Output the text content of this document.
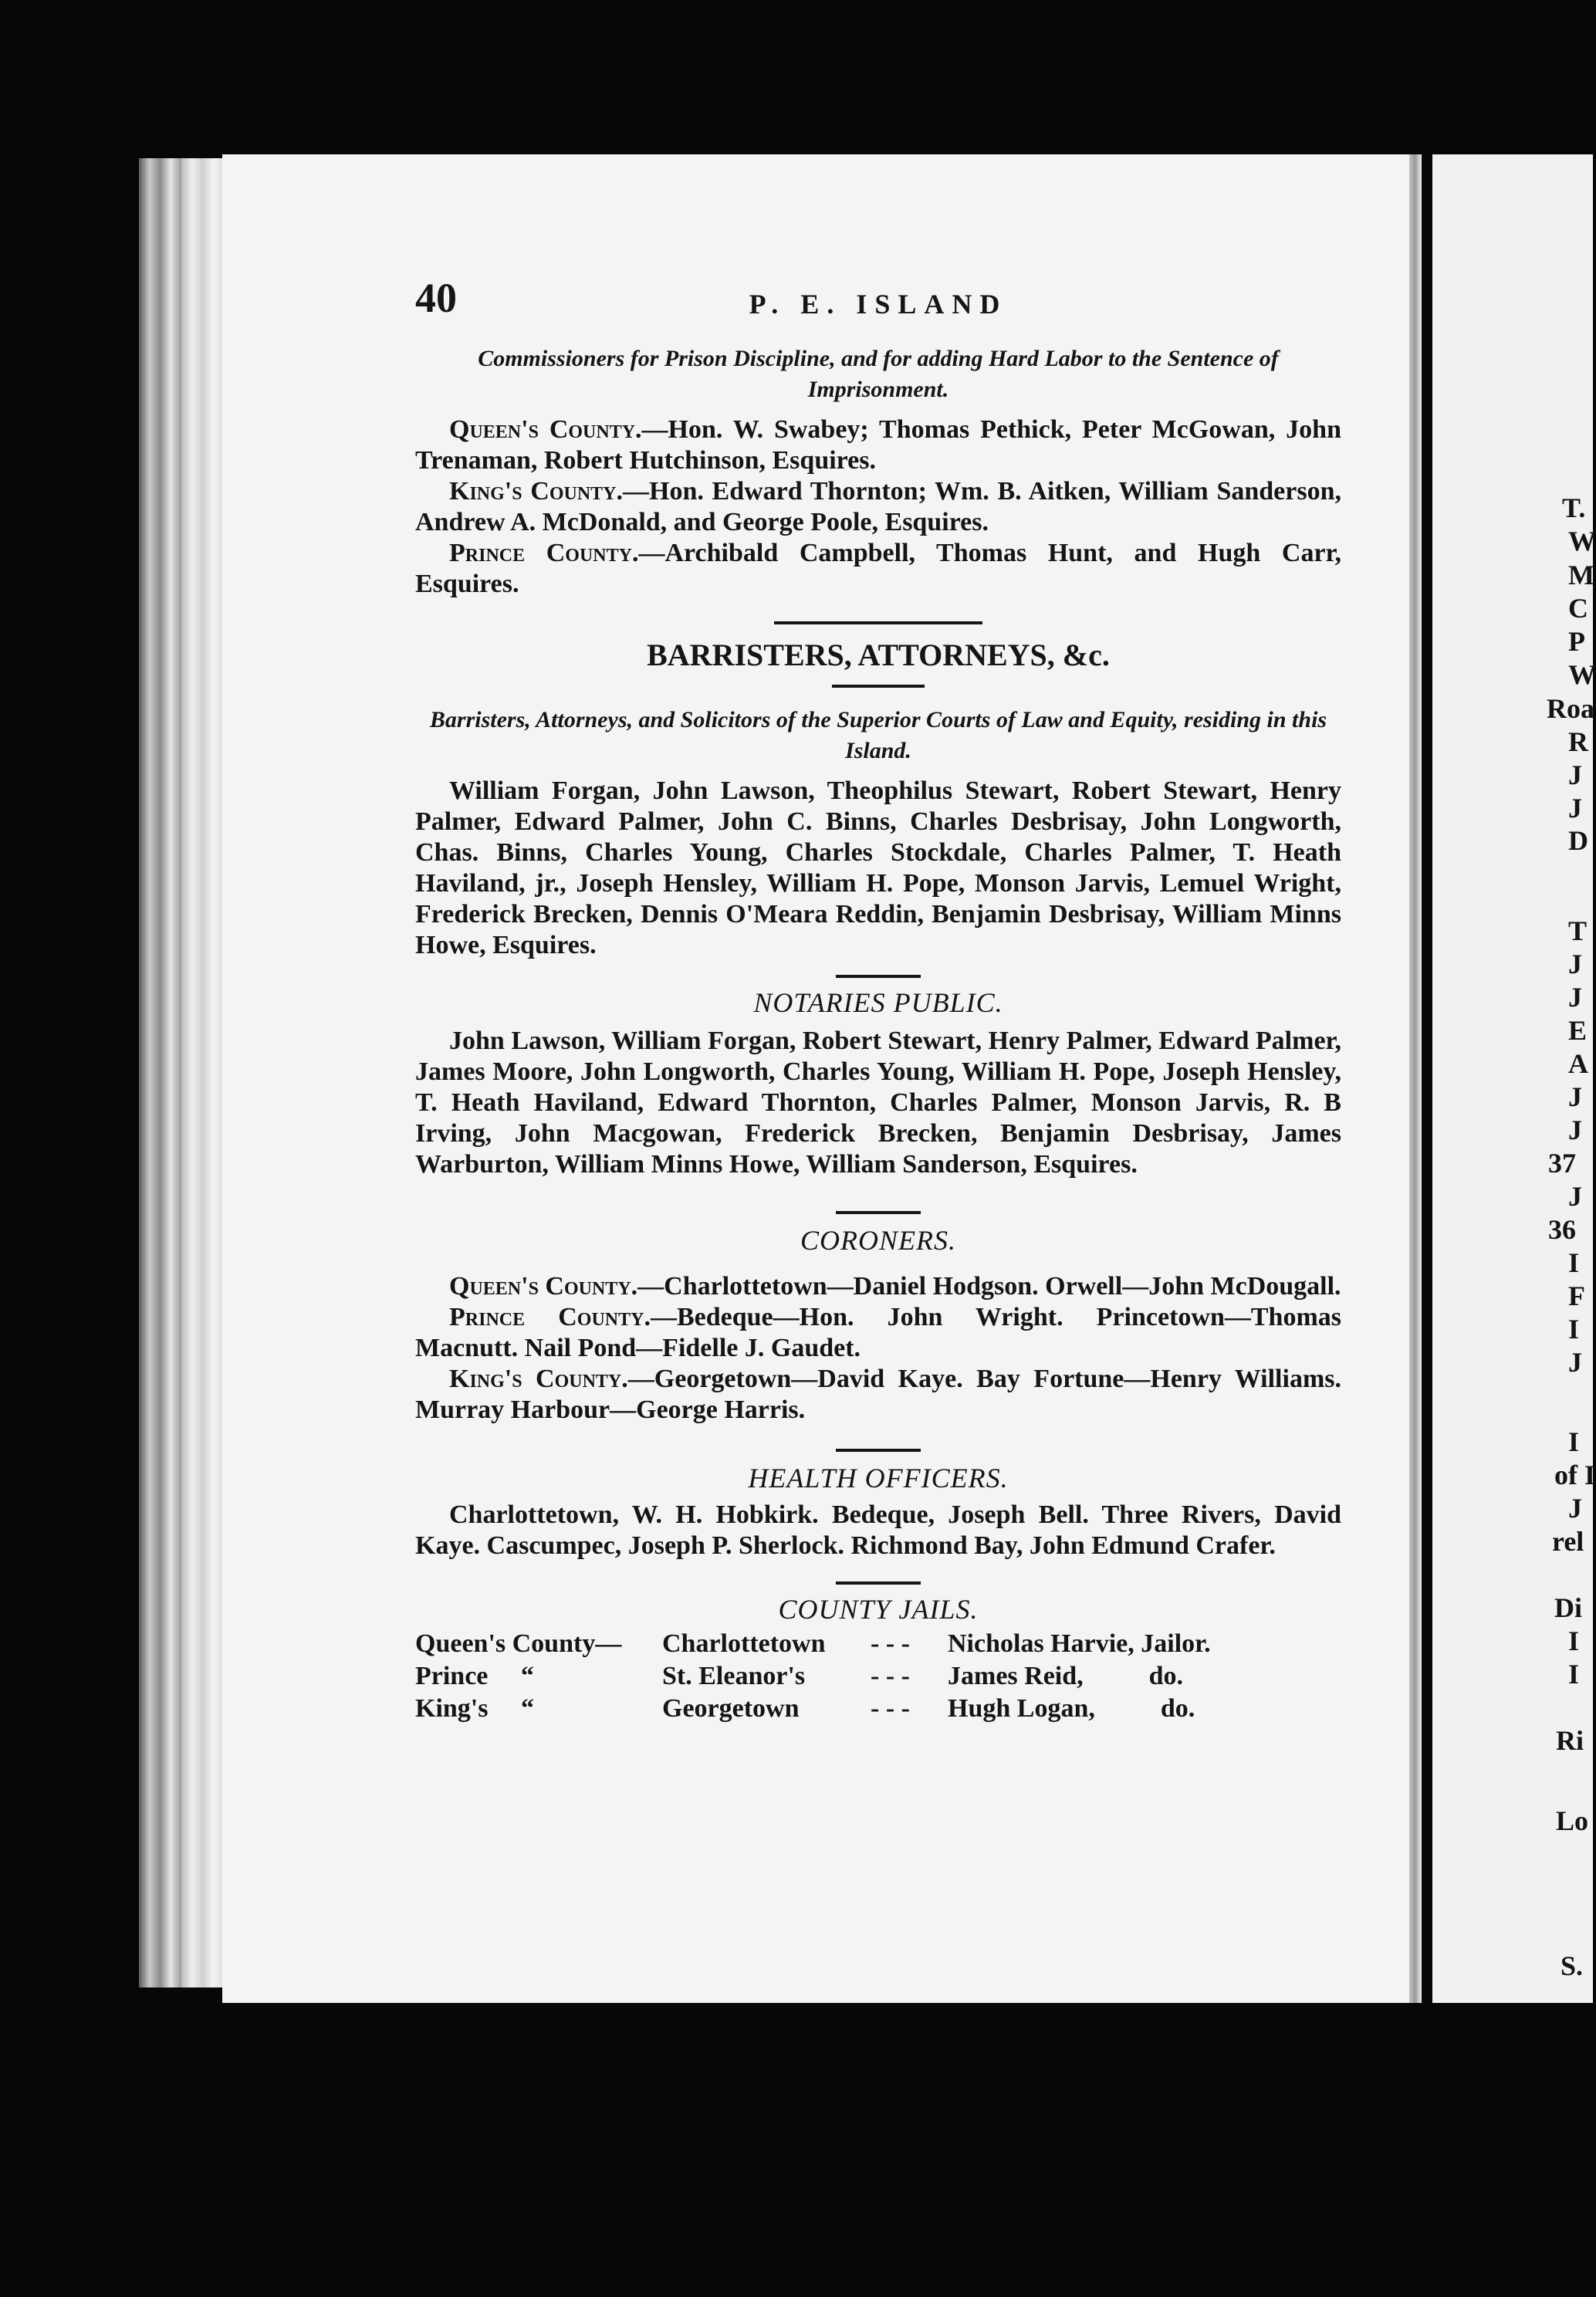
T.
W
M
C
P
W
Roa
R
J
J
D
T
J
J
E
A
J
J
37
J
36
I
F
I
J
I
of I
J
rel
Di
I
I
Ri
Lo
S.
40	P. E. ISLAND
Commissioners for Prison Discipline, and for adding Hard Labor to the Sentence of Imprisonment.

Queen's County.—Hon. W. Swabey; Thomas Pethick, Peter McGowan, John Trenaman, Robert Hutchinson, Esquires.

King's County.—Hon. Edward Thornton; Wm. B. Aitken, William Sanderson, Andrew A. McDonald, and George Poole, Esquires.

Prince County.—Archibald Campbell, Thomas Hunt, and Hugh Carr, Esquires.

BARRISTERS, ATTORNEYS, &c.
Barristers, Attorneys, and Solicitors of the Superior Courts of Law and Equity, residing in this Island.

William Forgan, John Lawson, Theophilus Stewart, Robert Stewart, Henry Palmer, Edward Palmer, John C. Binns, Charles Desbrisay, John Longworth, Chas. Binns, Charles Young, Charles Stockdale, Charles Palmer, T. Heath Haviland, jr., Joseph Hensley, William H. Pope, Monson Jarvis, Lemuel Wright, Frederick Brecken, Dennis O'Meara Reddin, Benjamin Desbrisay, William Minns Howe, Esquires.

NOTARIES PUBLIC.

John Lawson, William Forgan, Robert Stewart, Henry Palmer, Edward Palmer, James Moore, John Longworth, Charles Young, William H. Pope, Joseph Hensley, T. Heath Haviland, Edward Thornton, Charles Palmer, Monson Jarvis, R. B Irving, John Macgowan, Frederick Brecken, Benjamin Desbrisay, James Warburton, William Minns Howe, William Sanderson, Esquires.

CORONERS.

Queen's County.—Charlottetown—Daniel Hodgson. Orwell—John McDougall.

Prince County.—Bedeque—Hon. John Wright. Princetown—Thomas Macnutt. Nail Pond—Fidelle J. Gaudet.

King's County.—Georgetown—David Kaye. Bay Fortune—Henry Williams. Murray Harbour—George Harris.

HEALTH OFFICERS.

Charlottetown, W. H. Hobkirk. Bedeque, Joseph Bell. Three Rivers, David Kaye. Cascumpec, Joseph P. Sherlock. Richmond Bay, John Edmund Crafer.

COUNTY JAILS.
Queen's County—	Charlottetown	- - -	Nicholas Harvie, Jailor.
Prince     “	St. Eleanor's	- - -	James Reid,          do.
King's     “	Georgetown	- - -	Hugh Logan,          do.
